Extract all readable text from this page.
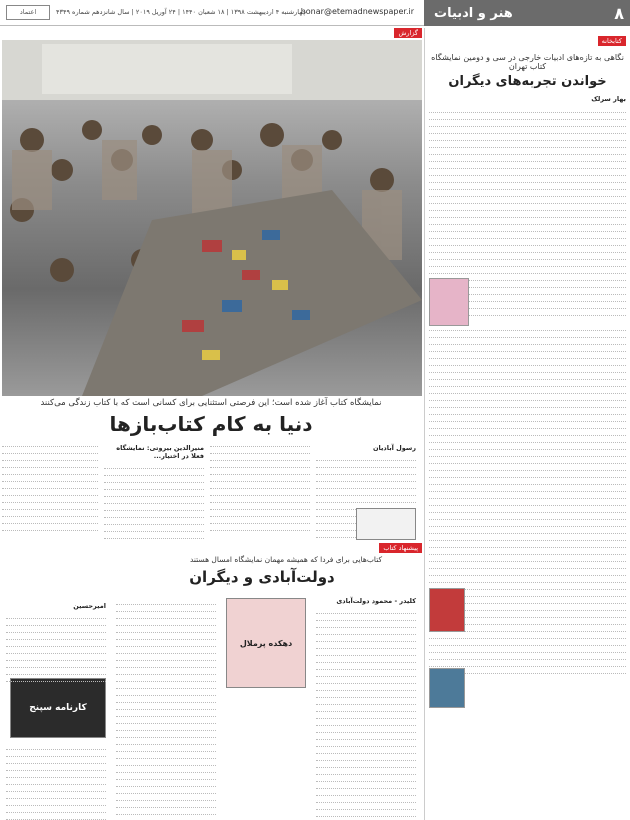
۸
هنر و ادبیات
honar@etemadnewspaper.ir
چهارشنبه ۴ اردیبهشت ۱۳۹۸ | ۱۸ شعبان ۱۴۴۰ | ۲۴ آوریل ۲۰۱۹ | سال شانزدهم شماره ۴۳۴۹
اعتماد
کتابخانه
نگاهی به تازه‌های ادبیات خارجی در سی و دومین نمایشگاه کتاب تهران
خواندن تجربه‌های دیگران
بهار سرلک
گزارش
نمایشگاه کتاب آغاز شده است؛ این فرصتی استثنایی برای کسانی است که با کتاب زندگی می‌کنند
دنیا به کام کتاب‌بازها
رسول آبادیان
منیرالدین بیروتی: نمایشگاه فعلا در اختیار...
پیشنهاد کتاب
کتاب‌هایی برای فردا که همیشه مهمان نمایشگاه امسال هستند
دولت‌آبادی و دیگران
کلیدر - محمود دولت‌آبادی
دهکده پرملال
کارنامه سپنج
امیرحسین
